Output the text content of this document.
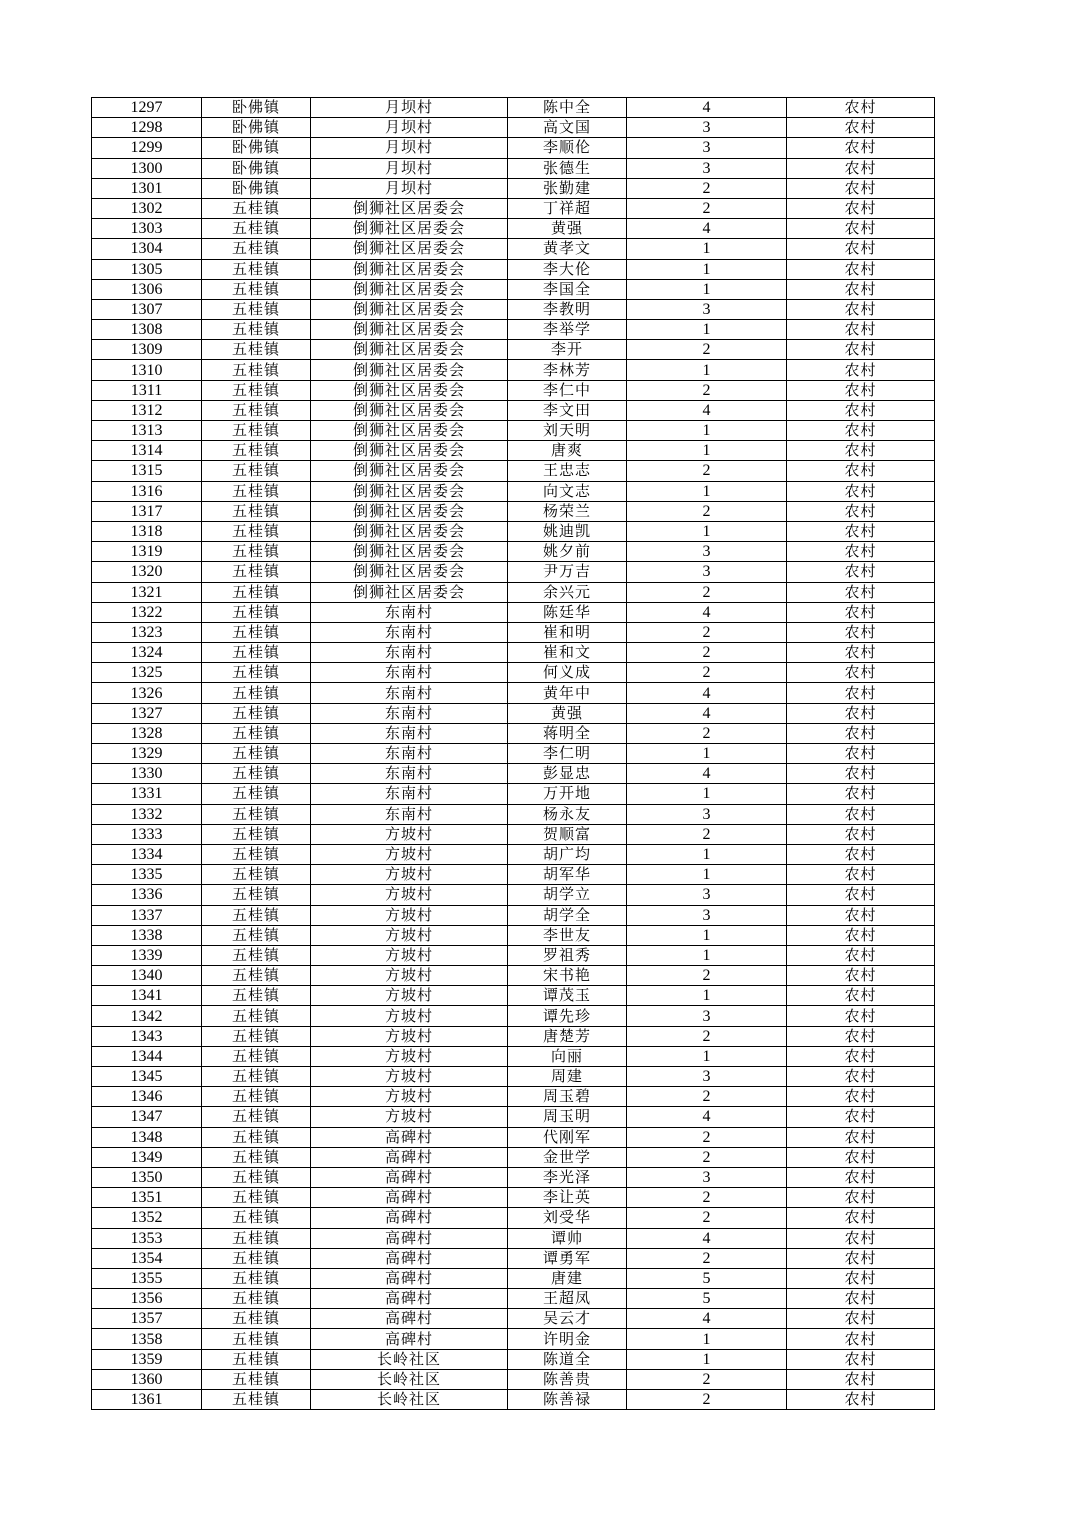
1297	卧佛镇	月坝村	陈中全	4	农村
1298	卧佛镇	月坝村	高文国	3	农村
1299	卧佛镇	月坝村	李顺伦	3	农村
1300	卧佛镇	月坝村	张德生	3	农村
1301	卧佛镇	月坝村	张勤建	2	农村
1302	五桂镇	倒狮社区居委会	丁祥超	2	农村
1303	五桂镇	倒狮社区居委会	黄强	4	农村
1304	五桂镇	倒狮社区居委会	黄孝文	1	农村
1305	五桂镇	倒狮社区居委会	李大伦	1	农村
1306	五桂镇	倒狮社区居委会	李国全	1	农村
1307	五桂镇	倒狮社区居委会	李教明	3	农村
1308	五桂镇	倒狮社区居委会	李举学	1	农村
1309	五桂镇	倒狮社区居委会	李开	2	农村
1310	五桂镇	倒狮社区居委会	李林芳	1	农村
1311	五桂镇	倒狮社区居委会	李仁中	2	农村
1312	五桂镇	倒狮社区居委会	李文田	4	农村
1313	五桂镇	倒狮社区居委会	刘天明	1	农村
1314	五桂镇	倒狮社区居委会	唐爽	1	农村
1315	五桂镇	倒狮社区居委会	王忠志	2	农村
1316	五桂镇	倒狮社区居委会	向文志	1	农村
1317	五桂镇	倒狮社区居委会	杨荣兰	2	农村
1318	五桂镇	倒狮社区居委会	姚迪凯	1	农村
1319	五桂镇	倒狮社区居委会	姚夕前	3	农村
1320	五桂镇	倒狮社区居委会	尹万吉	3	农村
1321	五桂镇	倒狮社区居委会	余兴元	2	农村
1322	五桂镇	东南村	陈廷华	4	农村
1323	五桂镇	东南村	崔和明	2	农村
1324	五桂镇	东南村	崔和文	2	农村
1325	五桂镇	东南村	何义成	2	农村
1326	五桂镇	东南村	黄年中	4	农村
1327	五桂镇	东南村	黄强	4	农村
1328	五桂镇	东南村	蒋明全	2	农村
1329	五桂镇	东南村	李仁明	1	农村
1330	五桂镇	东南村	彭显忠	4	农村
1331	五桂镇	东南村	万开地	1	农村
1332	五桂镇	东南村	杨永友	3	农村
1333	五桂镇	方坡村	贺顺富	2	农村
1334	五桂镇	方坡村	胡广均	1	农村
1335	五桂镇	方坡村	胡军华	1	农村
1336	五桂镇	方坡村	胡学立	3	农村
1337	五桂镇	方坡村	胡学全	3	农村
1338	五桂镇	方坡村	李世友	1	农村
1339	五桂镇	方坡村	罗祖秀	1	农村
1340	五桂镇	方坡村	宋书艳	2	农村
1341	五桂镇	方坡村	谭茂玉	1	农村
1342	五桂镇	方坡村	谭先珍	3	农村
1343	五桂镇	方坡村	唐楚芳	2	农村
1344	五桂镇	方坡村	向丽	1	农村
1345	五桂镇	方坡村	周建	3	农村
1346	五桂镇	方坡村	周玉碧	2	农村
1347	五桂镇	方坡村	周玉明	4	农村
1348	五桂镇	高碑村	代刚军	2	农村
1349	五桂镇	高碑村	金世学	2	农村
1350	五桂镇	高碑村	李光泽	3	农村
1351	五桂镇	高碑村	李让英	2	农村
1352	五桂镇	高碑村	刘受华	2	农村
1353	五桂镇	高碑村	谭帅	4	农村
1354	五桂镇	高碑村	谭勇军	2	农村
1355	五桂镇	高碑村	唐建	5	农村
1356	五桂镇	高碑村	王超凤	5	农村
1357	五桂镇	高碑村	吴云才	4	农村
1358	五桂镇	高碑村	许明金	1	农村
1359	五桂镇	长岭社区	陈道全	1	农村
1360	五桂镇	长岭社区	陈善贵	2	农村
1361	五桂镇	长岭社区	陈善禄	2	农村
